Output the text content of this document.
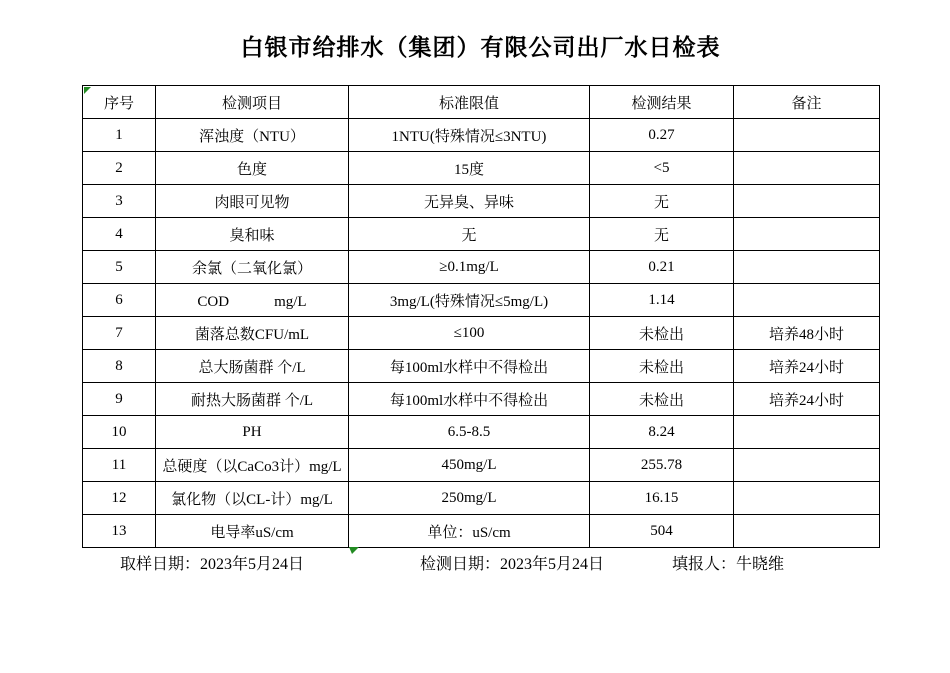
白银市给排水（集团）有限公司出厂水日检表
序号	检测项目	标准限值	检测结果	备注
1	浑浊度（NTU）	1NTU(特殊情况≤3NTU)	0.27	
2	色度	15度	<5	
3	肉眼可见物	无异臭、异味	无	
4	臭和味	无	无	
5	余氯（二氧化氯）	≥0.1mg/L	0.21	
6	COD　　　mg/L	3mg/L(特殊情况≤5mg/L)	1.14	
7	菌落总数CFU/mL	≤100	未检出	培养48小时
8	总大肠菌群 个/L	每100ml水样中不得检出	未检出	培养24小时
9	耐热大肠菌群 个/L	每100ml水样中不得检出	未检出	培养24小时
10	PH	6.5-8.5	8.24	
11	总硬度（以CaCo3计）mg/L	450mg/L	255.78	
12	氯化物（以CL-计）mg/L	250mg/L	16.15	
13	电导率uS/cm	单位：uS/cm	504	
取样日期：2023年5月24日	检测日期：2023年5月24日	填报人：牛晓维
